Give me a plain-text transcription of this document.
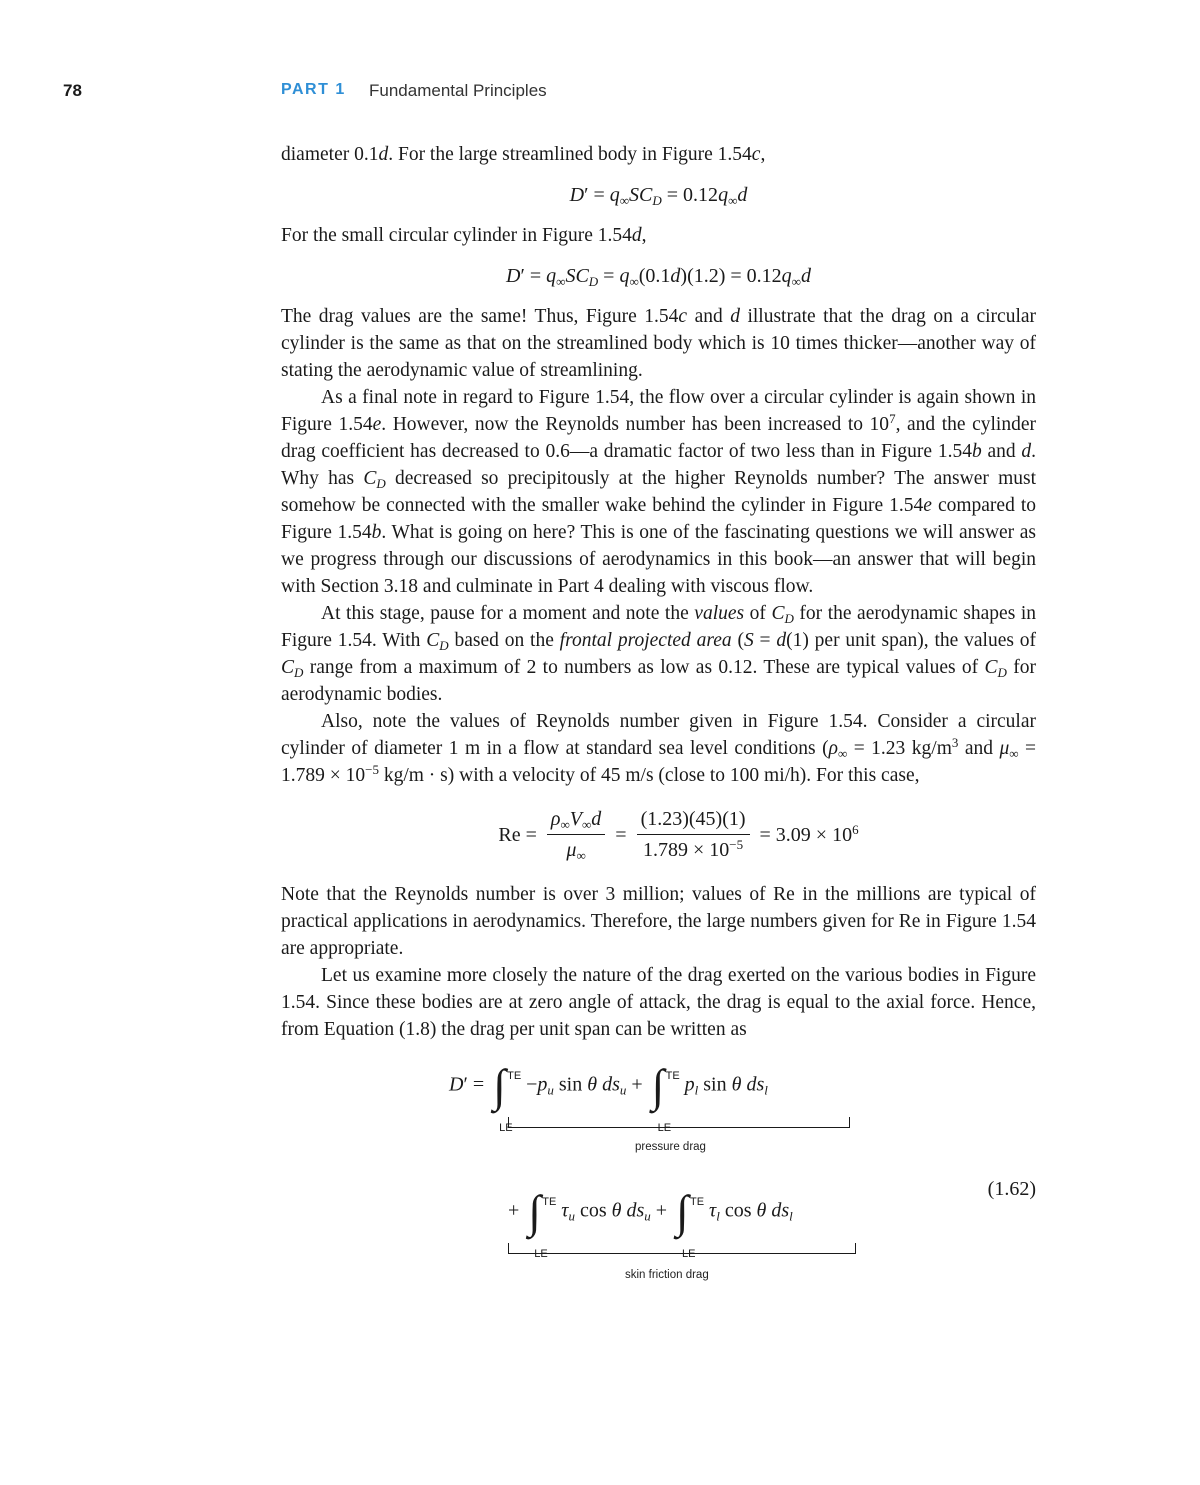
78	PART 1 Fundamental Principles

diameter 0.1d. For the large streamlined body in Figure 1.54c,

$D' = q_\infty SC_D = 0.12q_\infty d$

For the small circular cylinder in Figure 1.54d,

$D' = q_\infty SC_D = q_\infty(0.1d)(1.2) = 0.12q_\infty d$

The drag values are the same! Thus, Figure 1.54c and d illustrate that the drag on a circular cylinder is the same as that on the streamlined body which is 10 times thicker—another way of stating the aerodynamic value of streamlining.

As a final note in regard to Figure 1.54, the flow over a circular cylinder is again shown in Figure 1.54e. However, now the Reynolds number has been increased to $10^7$, and the cylinder drag coefficient has decreased to 0.6—a dramatic factor of two less than in Figure 1.54b and d. Why has $C_D$ decreased so precipitously at the higher Reynolds number? The answer must somehow be connected with the smaller wake behind the cylinder in Figure 1.54e compared to Figure 1.54b. What is going on here? This is one of the fascinating questions we will answer as we progress through our discussions of aerodynamics in this book—an answer that will begin with Section 3.18 and culminate in Part 4 dealing with viscous flow.

At this stage, pause for a moment and note the values of $C_D$ for the aerodynamic shapes in Figure 1.54. With $C_D$ based on the frontal projected area (S = d(1) per unit span), the values of $C_D$ range from a maximum of 2 to numbers as low as 0.12. These are typical values of $C_D$ for aerodynamic bodies.

Also, note the values of Reynolds number given in Figure 1.54. Consider a circular cylinder of diameter 1 m in a flow at standard sea level conditions ($\rho_\infty = 1.23$ $kg/m^3$ and $\mu_\infty = 1.789 \times 10^{-5}$ kg/m · s) with a velocity of 45 m/s (close to 100 mi/h). For this case,

$Re = \frac{\rho_\infty V_\infty d}{\mu_\infty} = \frac{(1.23)(45)(1)}{1.789 \times 10^{-5}} = 3.09 \times 10^6$

Note that the Reynolds number is over 3 million; values of Re in the millions are typical of practical applications in aerodynamics. Therefore, the large numbers given for Re in Figure 1.54 are appropriate.

Let us examine more closely the nature of the drag exerted on the various bodies in Figure 1.54. Since these bodies are at zero angle of attack, the drag is equal to the axial force. Hence, from Equation (1.8) the drag per unit span can be written as

D′ = ∫ TE
LE
$-p_u$ sin θ $ds_u$ + ∫ TE
LE
$p_l$ sin θ $ds_l$
pressure drag
+ ∫ TE
LE
$\tau_u$ cos θ $ds_u$ + ∫ TE
LE
$\tau_l$ cos θ $ds_l$
skin friction drag
(1.62)
